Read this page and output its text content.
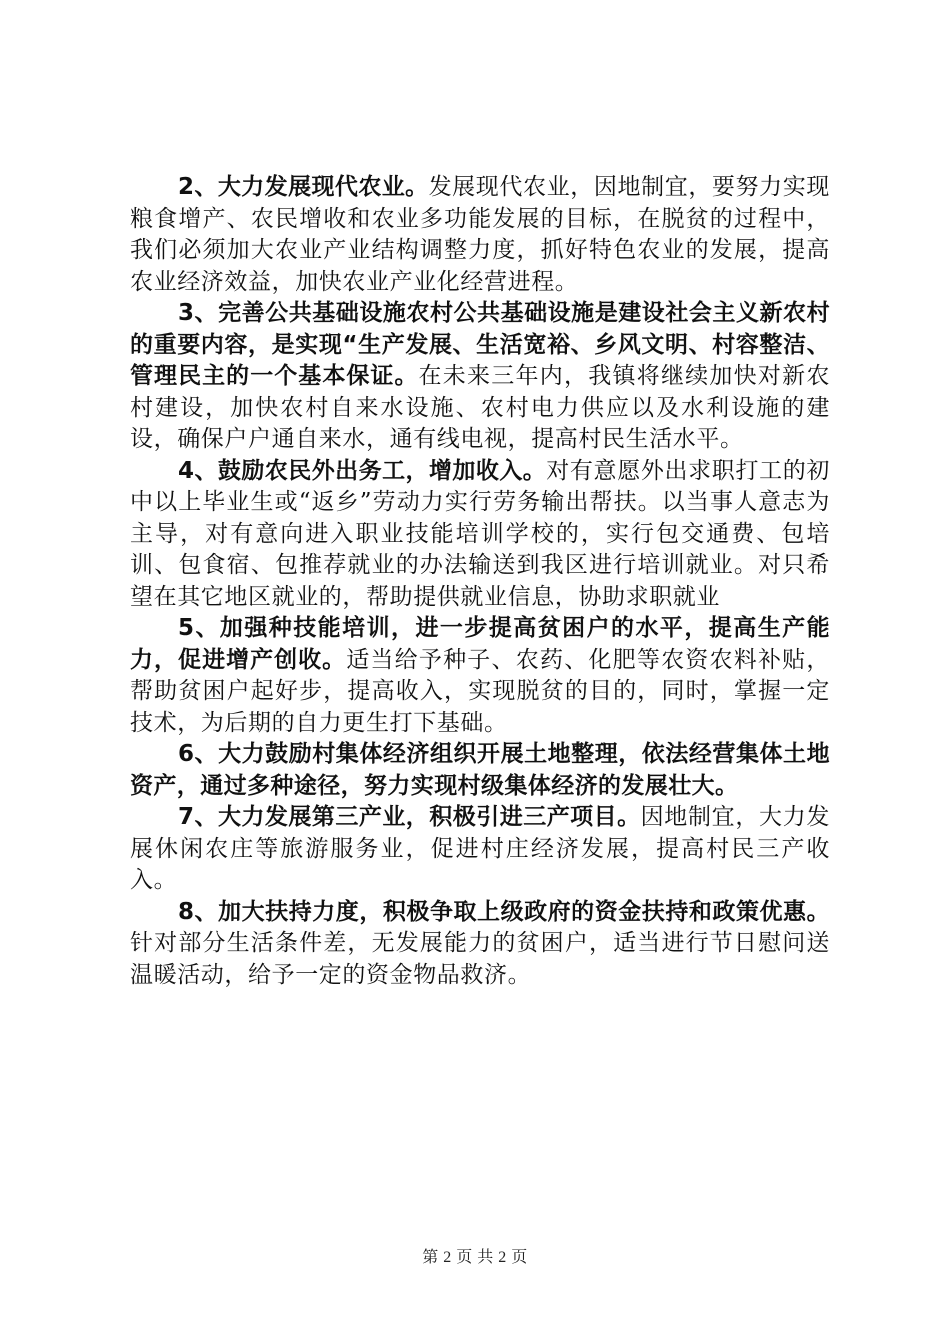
2、大力发展现代农业。发展现代农业，因地制宜，要努力实现粮食增产、农民增收和农业多功能发展的目标，在脱贫的过程中，我们必须加大农业产业结构调整力度，抓好特色农业的发展，提高农业经济效益，加快农业产业化经营进程。

3、完善公共基础设施农村公共基础设施是建设社会主义新农村的重要内容，是实现“生产发展、生活宽裕、乡风文明、村容整洁、管理民主的一个基本保证。在未来三年内，我镇将继续加快对新农村建设，加快农村自来水设施、农村电力供应以及水利设施的建设，确保户户通自来水，通有线电视，提高村民生活水平。

4、鼓励农民外出务工，增加收入。对有意愿外出求职打工的初中以上毕业生或“返乡”劳动力实行劳务输出帮扶。以当事人意志为主导，对有意向进入职业技能培训学校的，实行包交通费、包培训、包食宿、包推荐就业的办法输送到我区进行培训就业。对只希望在其它地区就业的，帮助提供就业信息，协助求职就业

5、加强种技能培训，进一步提高贫困户的水平，提高生产能力，促进增产创收。适当给予种子、农药、化肥等农资农料补贴，帮助贫困户起好步，提高收入，实现脱贫的目的，同时，掌握一定技术，为后期的自力更生打下基础。

6、大力鼓励村集体经济组织开展土地整理，依法经营集体土地资产，通过多种途径，努力实现村级集体经济的发展壮大。

7、大力发展第三产业，积极引进三产项目。因地制宜，大力发展休闲农庄等旅游服务业，促进村庄经济发展，提高村民三产收入。

8、加大扶持力度，积极争取上级政府的资金扶持和政策优惠。针对部分生活条件差，无发展能力的贫困户，适当进行节日慰问送温暖活动，给予一定的资金物品救济。

第 2 页 共 2 页
